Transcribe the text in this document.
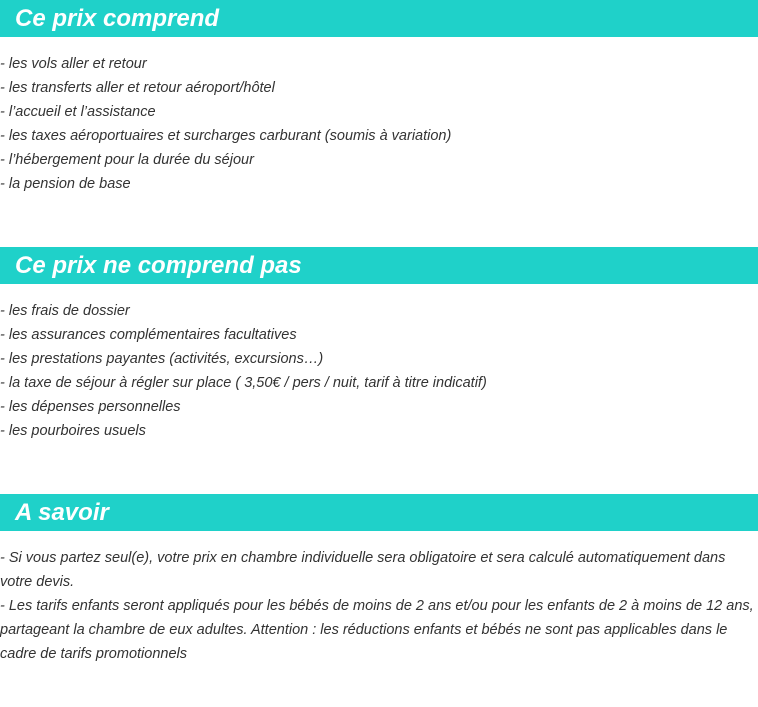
Ce prix comprend
- les vols aller et retour
- les transferts aller et retour aéroport/hôtel
- l’accueil et l’assistance
- les taxes aéroportuaires et surcharges carburant (soumis à variation)
- l’hébergement pour la durée du séjour
- la pension de base
Ce prix ne comprend pas
- les frais de dossier
- les assurances complémentaires facultatives
- les prestations payantes (activités, excursions…)
- la taxe de séjour à régler sur place ( 3,50€ / pers / nuit, tarif à titre indicatif)
- les dépenses personnelles
- les pourboires usuels
A savoir
- Si vous partez seul(e), votre prix en chambre individuelle sera obligatoire et sera calculé automatiquement dans votre devis.
- Les tarifs enfants seront appliqués pour les bébés de moins de 2 ans et/ou pour les enfants de 2 à moins de 12 ans, partageant la chambre de eux adultes. Attention : les réductions enfants et bébés ne sont pas applicables dans le cadre de tarifs promotionnels
